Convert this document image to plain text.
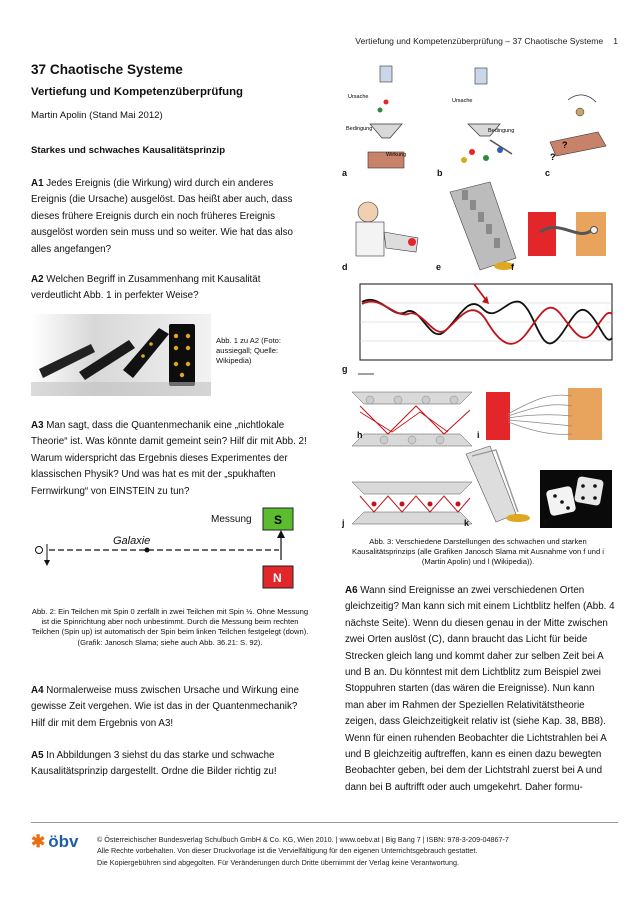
Vertiefung und Kompetenzüberprüfung – 37 Chaotische Systeme 1
37 Chaotische Systeme
Vertiefung und Kompetenzüberprüfung
Martin Apolin (Stand Mai 2012)
Starkes und schwaches Kausalitätsprinzip
A1 Jedes Ereignis (die Wirkung) wird durch ein anderes Ereignis (die Ursache) ausgelöst. Das heißt aber auch, dass dieses frühere Ereignis durch ein noch früheres Ereignis ausgelöst worden sein muss und so weiter. Wie hat das also alles angefangen?
A2 Welchen Begriff in Zusammenhang mit Kausalität verdeutlicht Abb. 1 in perfekter Weise?
Abb. 1 zu A2 (Foto: aussiegall; Quelle: Wikipedia)
A3 Man sagt, dass die Quantenmechanik eine „nichtlokale Theorie“ ist. Was könnte damit gemeint sein? Hilf dir mit Abb. 2! Warum widerspricht das Ergebnis dieses Experimentes der klassischen Physik? Und was hat es mit der „spukhaften Fernwirkung“ von EINSTEIN zu tun?
Galaxie
Messung S
N
Abb. 2: Ein Teilchen mit Spin 0 zerfällt in zwei Teilchen mit Spin ½. Ohne Messung ist die Spinrichtung aber noch unbestimmt. Durch die Messung beim rechten Teilchen (Spin up) ist automatisch der Spin beim linken Teilchen festgelegt (down). (Grafik: Janosch Slama; siehe auch Abb. 36.21: S. 92).
A4 Normalerweise muss zwischen Ursache und Wirkung eine gewisse Zeit vergehen. Wie ist das in der Quantenmechanik? Hilf dir mit dem Ergebnis von A3!
A5 In Abbildungen 3 siehst du das starke und schwache Kausalitätsprinzip dargestellt. Ordne die Bilder richtig zu!
Ursache
Bedingung
Wirkung
Ursache
Bedingung
?
?
a	b	c
d	e	f
g
h	i
j	k	l
Abb. 3: Verschiedene Darstellungen des schwachen und starken Kausalitätsprinzips (alle Grafiken Janosch Slama mit Ausnahme von f und i (Martin Apolin) und l (Wikipedia)).
A6 Wann sind Ereignisse an zwei verschiedenen Orten gleichzeitig? Man kann sich mit einem Lichtblitz helfen (Abb. 4 nächste Seite). Wenn du diesen genau in der Mitte zwischen zwei Orten auslöst (C), dann braucht das Licht für beide Strecken gleich lang und kommt daher zur selben Zeit bei A und B an. Du könntest mit dem Lichtblitz zum Beispiel zwei Stoppuhren starten (das wären die Ereignisse). Nun kann man aber im Rahmen der Speziellen Relativitätstheorie zeigen, dass Gleichzeitigkeit relativ ist (siehe Kap. 38, BB8). Wenn für einen ruhenden Beobachter die Lichtstrahlen bei A und B gleichzeitig auftreffen, kann es einen dazu bewegten Beobachter geben, bei dem der Lichtstrahl zuerst bei A und dann bei B auftrifft oder auch umgekehrt. Daher formu-
✱ öbv	© Österreichischer Bundesverlag Schulbuch GmbH & Co. KG, Wien 2010. | www.oebv.at | Big Bang 7 | ISBN: 978-3-209-04867-7
Alle Rechte vorbehalten. Von dieser Druckvorlage ist die Vervielfältigung für den eigenen Unterrichtsgebrauch gestattet.
Die Kopiergebühren sind abgegolten. Für Veränderungen durch Dritte übernimmt der Verlag keine Verantwortung.
